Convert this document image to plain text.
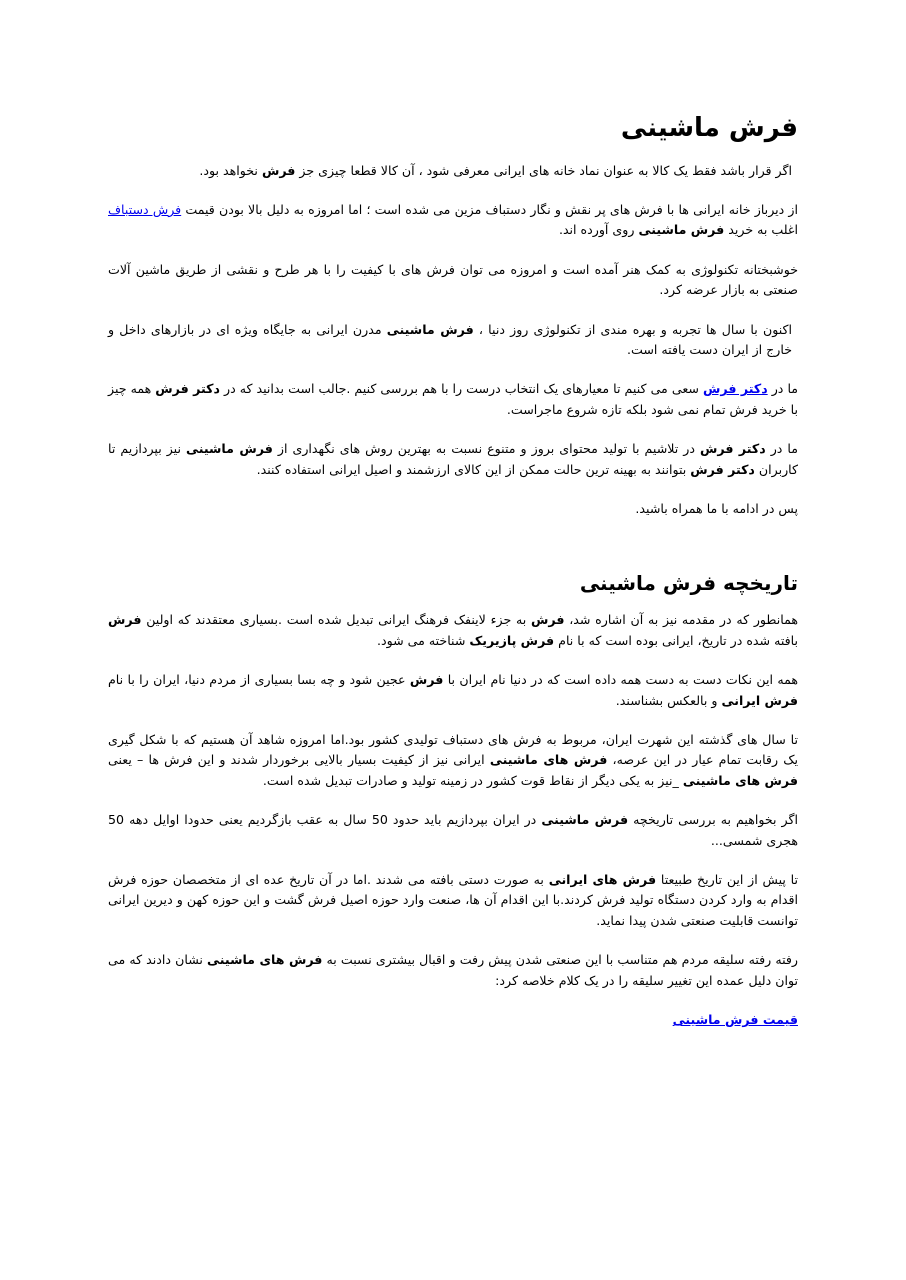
فرش ماشینی

اگر قرار باشد فقط یک کالا به عنوان نماد خانه های ایرانی معرفی شود ، آن کالا قطعا چیزی جز فرش نخواهد بود.

از دیرباز خانه ایرانی ها با فرش های پر نقش و نگار دستباف مزین می شده است ؛ اما امروزه به دلیل بالا بودن قیمت فرش دستباف اغلب به خرید فرش ماشینی روی آورده اند.

خوشبختانه تکنولوژی به کمک هنر آمده است و امروزه می توان فرش های با کیفیت را با هر طرح و نقشی از طریق ماشین آلات صنعتی به بازار عرضه کرد.

اکنون با سال ها تجربه و بهره مندی از تکنولوژی روز دنیا ، فرش ماشینی مدرن ایرانی به جایگاه ویژه ای در بازارهای داخل و خارج از ایران دست یافته است.

ما در دکتر فرش سعی می کنیم تا معیارهای یک انتخاب درست را با هم بررسی کنیم .جالب است بدانید که در دکتر فرش همه چیز با خرید فرش تمام نمی شود بلکه تازه شروع ماجراست.

ما در دکتر فرش در تلاشیم با تولید محتوای بروز و متنوع نسبت به بهترین روش های نگهداری از فرش ماشینی نیز بپردازیم تا کاربران دکتر فرش بتوانند به بهینه ترین حالت ممکن از این کالای ارزشمند و اصیل ایرانی استفاده کنند.

پس در ادامه با ما همراه باشید.

تاریخچه فرش ماشینی

همانطور که در مقدمه نیز به آن اشاره شد، فرش به جزء لاینفک فرهنگ ایرانی تبدیل شده است .بسیاری معتقدند که اولین فرش بافته شده در تاریخ، ایرانی بوده است که با نام فرش پازیریک شناخته می شود.

همه این نکات دست به دست همه داده است که در دنیا نام ایران با فرش عجین شود و چه بسا بسیاری از مردم دنیا، ایران را با نام فرش ایرانی و بالعکس بشناسند.

تا سال های گذشته این شهرت ایران، مربوط به فرش های دستباف تولیدی کشور بود.اما امروزه شاهد آن هستیم که با شکل گیری یک رقابت تمام عیار در این عرصه، فرش های ماشینی ایرانی نیز از کیفیت بسیار بالایی برخوردار شدند و این فرش ها – یعنی فرش های ماشینی _نیز به یکی دیگر از نقاط قوت کشور در زمینه تولید و صادرات تبدیل شده است.

اگر بخواهیم به بررسی تاریخچه فرش ماشینی در ایران بپردازیم باید حدود 50 سال به عقب بازگردیم یعنی حدودا اوایل دهه 50 هجری شمسی...

تا پیش از این تاریخ طبیعتا فرش های ایرانی به صورت دستی بافته می شدند .اما در آن تاریخ عده ای از متخصصان حوزه فرش اقدام به وارد کردن دستگاه تولید فرش کردند.با این اقدام آن ها، صنعت وارد حوزه اصیل فرش گشت و این حوزه کهن و دیرین ایرانی توانست قابلیت صنعتی شدن پیدا نماید.

رفته رفته سلیقه مردم هم متناسب با این صنعتی شدن پیش رفت و اقبال بیشتری نسبت به فرش های ماشینی نشان دادند که می توان دلیل عمده این تغییر سلیقه را در یک کلام خلاصه کرد:

قیمت فرش ماشینی
